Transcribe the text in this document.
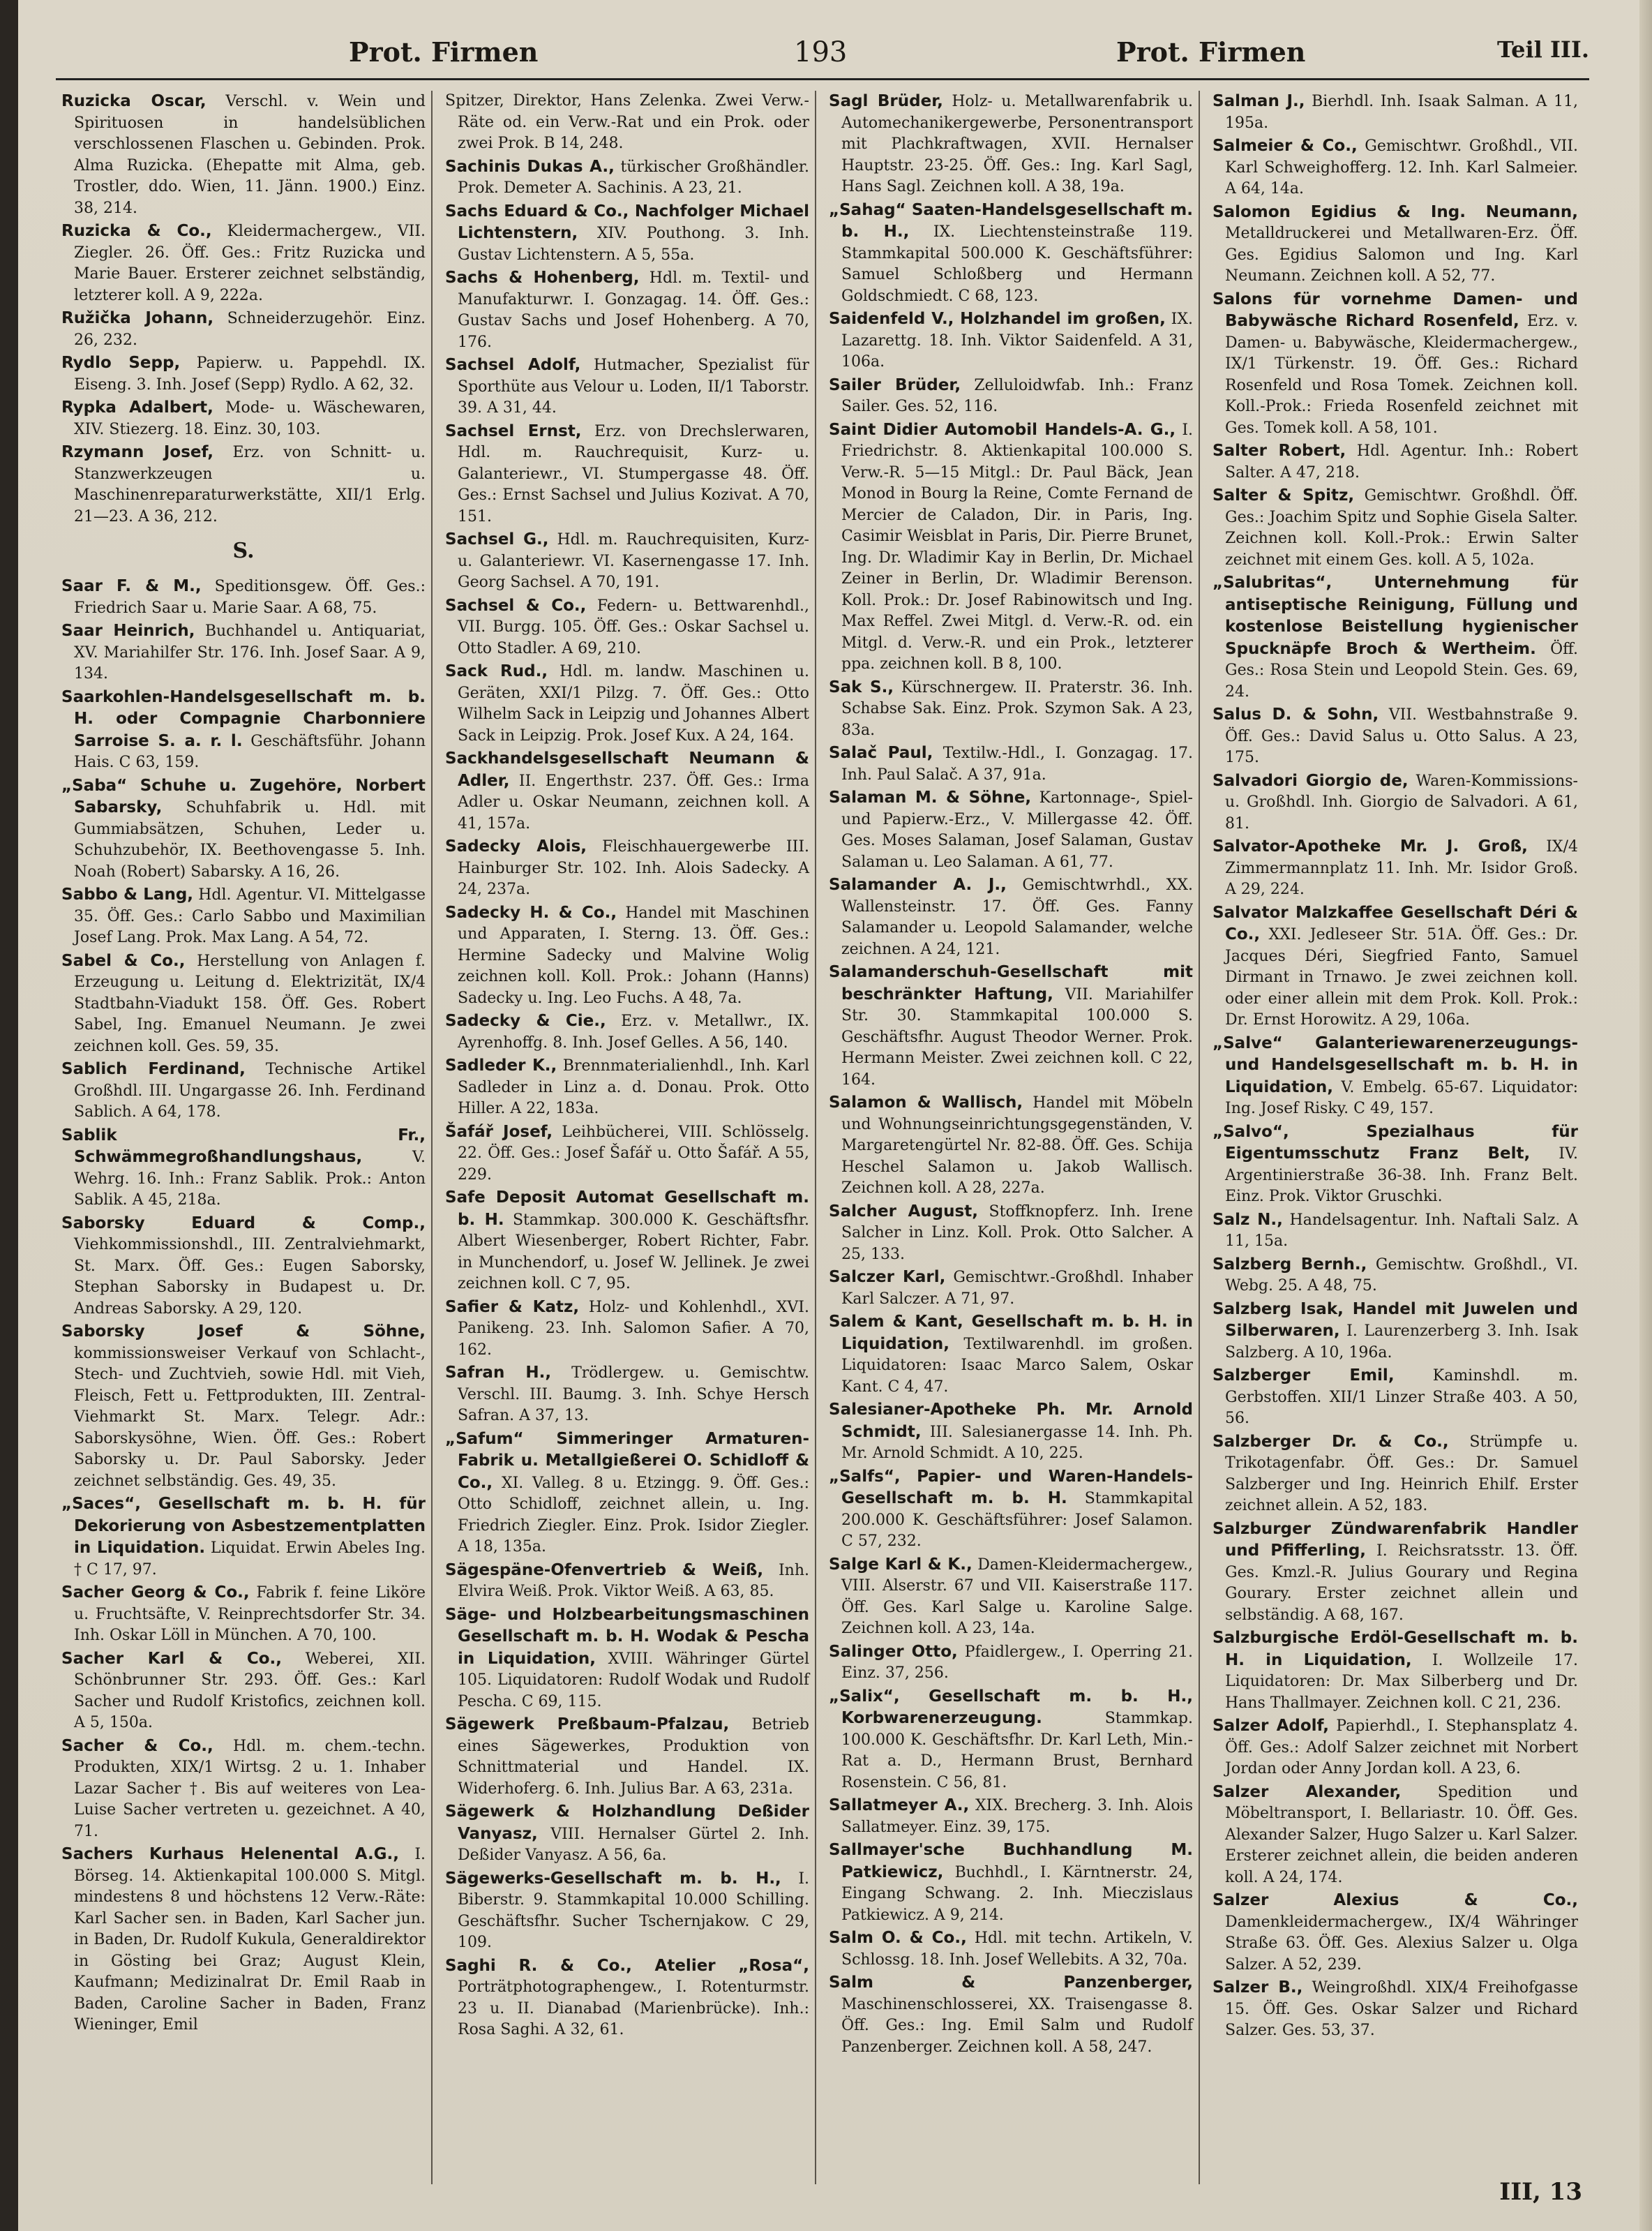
Prot. Firmen	193	Prot. Firmen	Teil III.

Ruzicka Oscar, Verschl. v. Wein und Spirituosen in handelsüblichen verschlossenen Flaschen u. Gebinden. Prok. Alma Ruzicka. (Ehepatte mit Alma, geb. Trostler, ddo. Wien, 11. Jänn. 1900.) Einz. 38, 214.

Ruzicka & Co., Kleidermachergew., VII. Ziegler. 26. Öff. Ges.: Fritz Ruzicka und Marie Bauer. Ersterer zeichnet selbständig, letzterer koll. A 9, 222a.

Ružička Johann, Schneiderzugehör. Einz. 26, 232.

Rydlo Sepp, Papierw. u. Pappehdl. IX. Eiseng. 3. Inh. Josef (Sepp) Rydlo. A 62, 32.

Rypka Adalbert, Mode- u. Wäschewaren, XIV. Stiezerg. 18. Einz. 30, 103.

Rzymann Josef, Erz. von Schnitt- u. Stanzwerkzeugen u. Maschinenreparaturwerkstätte, XII/1 Erlg. 21—23. A 36, 212.

S.

Saar F. & M., Speditionsgew. Öff. Ges.: Friedrich Saar u. Marie Saar. A 68, 75.

Saar Heinrich, Buchhandel u. Antiquariat, XV. Mariahilfer Str. 176. Inh. Josef Saar. A 9, 134.

Saarkohlen-Handelsgesellschaft m. b. H. oder Compagnie Charbonniere Sarroise S. a. r. l. Geschäftsführ. Johann Hais. C 63, 159.

„Saba“ Schuhe u. Zugehöre, Norbert Sabarsky, Schuhfabrik u. Hdl. mit Gummiabsätzen, Schuhen, Leder u. Schuhzubehör, IX. Beethovengasse 5. Inh. Noah (Robert) Sabarsky. A 16, 26.

Sabbo & Lang, Hdl. Agentur. VI. Mittelgasse 35. Öff. Ges.: Carlo Sabbo und Maximilian Josef Lang. Prok. Max Lang. A 54, 72.

Sabel & Co., Herstellung von Anlagen f. Erzeugung u. Leitung d. Elektrizität, IX/4 Stadtbahn-Viadukt 158. Öff. Ges. Robert Sabel, Ing. Emanuel Neumann. Je zwei zeichnen koll. Ges. 59, 35.

Sablich Ferdinand, Technische Artikel Großhdl. III. Ungargasse 26. Inh. Ferdinand Sablich. A 64, 178.

Sablik Fr., Schwämmegroßhandlungshaus,	V. Wehrg. 16. Inh.: Franz Sablik. Prok.: Anton Sablik. A 45, 218a.

Saborsky Eduard & Comp., Viehkommissionshdl., III. Zentralviehmarkt, St. Marx. Öff. Ges.: Eugen Saborsky, Stephan Saborsky in Budapest u. Dr. Andreas Saborsky. A 29, 120.

Saborsky Josef & Söhne, kommissionsweiser Verkauf von Schlacht-, Stech- und Zuchtvieh, sowie Hdl. mit Vieh, Fleisch, Fett u. Fettprodukten, III. Zentral-Viehmarkt St. Marx. Telegr. Adr.: Saborskysöhne, Wien. Öff. Ges.: Robert Saborsky u. Dr. Paul Saborsky. Jeder zeichnet selbständig. Ges. 49, 35.

„Saces“, Gesellschaft m. b. H. für Dekorierung von Asbestzementplatten in Liquidation. Liquidat. Erwin Abeles Ing. † C 17, 97.

Sacher Georg & Co., Fabrik f. feine Liköre u. Fruchtsäfte, V. Reinprechtsdorfer Str. 34. Inh. Oskar Löll in München. A 70, 100.

Sacher Karl & Co., Weberei, XII. Schönbrunner Str. 293. Öff. Ges.: Karl Sacher und Rudolf Kristofics, zeichnen koll. A 5, 150a.

Sacher & Co., Hdl. m. chem.-techn. Produkten, XIX/1 Wirtsg. 2 u. 1. Inhaber Lazar Sacher †. Bis auf weiteres von Lea-Luise Sacher vertreten u. gezeichnet. A 40, 71.

Sachers Kurhaus Helenental A.G., I. Börseg. 14. Aktienkapital 100.000 S. Mitgl. mindestens 8 und höchstens 12 Verw.-Räte: Karl Sacher sen. in Baden, Karl Sacher jun. in Baden, Dr. Rudolf Kukula, Generaldirektor in Gösting bei Graz; August Klein, Kaufmann; Medizinalrat Dr. Emil Raab in Baden, Caroline Sacher in Baden, Franz Wieninger, Emil

Spitzer, Direktor, Hans Zelenka. Zwei Verw.-Räte od. ein Verw.-Rat und ein Prok. oder zwei Prok. B 14, 248.

Sachinis Dukas A., türkischer Großhändler. Prok. Demeter A. Sachinis. A 23, 21.

Sachs Eduard & Co., Nachfolger Michael Lichtenstern, XIV. Pouthong. 3. Inh. Gustav Lichtenstern. A 5, 55a.

Sachs & Hohenberg, Hdl. m. Textil- und Manufakturwr. I. Gonzagag. 14. Öff. Ges.: Gustav Sachs und Josef Hohenberg. A 70, 176.

Sachsel Adolf, Hutmacher, Spezialist für Sporthüte aus Velour u. Loden, II/1 Taborstr. 39. A 31, 44.

Sachsel Ernst, Erz. von Drechslerwaren, Hdl. m. Rauchrequisit, Kurz- u. Galanteriewr., VI. Stumpergasse 48. Öff. Ges.: Ernst Sachsel und Julius Kozivat. A 70, 151.

Sachsel G., Hdl. m. Rauchrequisiten, Kurz- u. Galanteriewr. VI. Kasernengasse 17. Inh. Georg Sachsel. A 70, 191.

Sachsel & Co., Federn- u. Bettwarenhdl., VII. Burgg. 105. Öff. Ges.: Oskar Sachsel u. Otto Stadler. A 69, 210.

Sack Rud., Hdl. m. landw. Maschinen u. Geräten, XXI/1 Pilzg. 7. Öff. Ges.: Otto Wilhelm Sack in Leipzig und Johannes Albert Sack in Leipzig. Prok. Josef Kux. A 24, 164.

Sackhandelsgesellschaft Neumann & Adler, II. Engerthstr. 237. Öff. Ges.: Irma Adler u. Oskar Neumann, zeichnen koll. A 41, 157a.

Sadecky Alois, Fleischhauergewerbe III. Hainburger Str. 102. Inh. Alois Sadecky. A 24, 237a.

Sadecky H. & Co., Handel mit Maschinen und Apparaten, I. Sterng. 13. Öff. Ges.: Hermine Sadecky und Malvine Wolig zeichnen koll. Koll. Prok.: Johann (Hanns) Sadecky u. Ing. Leo Fuchs. A 48, 7a.

Sadecky & Cie., Erz. v. Metallwr., IX. Ayrenhoffg. 8. Inh. Josef Gelles. A 56, 140.

Sadleder K., Brennmaterialienhdl., Inh. Karl Sadleder in Linz a. d. Donau. Prok. Otto Hiller. A 22, 183a.

Šafář Josef, Leihbücherei, VIII. Schlösselg. 22. Öff. Ges.: Josef Šafář u. Otto Šafář. A 55, 229.

Safe Deposit Automat Gesellschaft m. b. H. Stammkap. 300.000 K. Geschäftsfhr. Albert Wiesenberger, Robert Richter, Fabr. in Munchendorf, u. Josef W. Jellinek. Je zwei zeichnen koll. C 7, 95.

Safier & Katz, Holz- und Kohlenhdl., XVI. Panikeng. 23. Inh. Salomon Safier. A 70, 162.

Safran H., Trödlergew. u. Gemischtw. Verschl. III. Baumg. 3. Inh. Schye Hersch Safran. A 37, 13.

„Safum“ Simmeringer Armaturen-Fabrik u. Metallgießerei O. Schidloff & Co., XI. Valleg. 8 u. Etzingg. 9. Öff. Ges.: Otto Schidloff, zeichnet allein, u. Ing. Friedrich Ziegler. Einz. Prok. Isidor Ziegler. A 18, 135a.

Sägespäne-Ofenvertrieb & Weiß, Inh. Elvira Weiß. Prok. Viktor Weiß. A 63, 85.

Säge- und Holzbearbeitungsmaschinen Gesellschaft m. b. H. Wodak & Pescha in Liquidation, XVIII. Währinger Gürtel 105. Liquidatoren: Rudolf Wodak und Rudolf Pescha. C 69, 115.

Sägewerk Preßbaum-Pfalzau, Betrieb eines Sägewerkes, Produktion von Schnittmaterial und Handel. IX. Widerhoferg. 6. Inh. Julius Bar. A 63, 231a.

Sägewerk & Holzhandlung Deßider Vanyasz, VIII. Hernalser Gürtel 2. Inh. Deßider Vanyasz. A 56, 6a.

Sägewerks-Gesellschaft m. b. H., I. Biberstr. 9. Stammkapital 10.000 Schilling. Geschäftsfhr. Sucher Tschernjakow. C 29, 109.

Saghi R. & Co., Atelier „Rosa“, Porträtphotographengew., I. Rotenturmstr. 23 u. II. Dianabad (Marienbrücke). Inh.: Rosa Saghi. A 32, 61.

Sagl Brüder, Holz- u. Metallwarenfabrik u. Automechanikergewerbe, Personentransport mit Plachkraftwagen, XVII. Hernalser Hauptstr. 23-25. Öff. Ges.: Ing. Karl Sagl, Hans Sagl. Zeichnen koll. A 38, 19a.

„Sahag“ Saaten-Handelsgesellschaft m. b. H., IX. Liechtensteinstraße 119. Stammkapital 500.000 K. Geschäftsführer: Samuel Schloßberg und Hermann Goldschmiedt. C 68, 123.

Saidenfeld V., Holzhandel im großen, IX. Lazarettg. 18. Inh. Viktor Saidenfeld. A 31, 106a.

Sailer Brüder, Zelluloidwfab. Inh.: Franz Sailer. Ges. 52, 116.

Saint Didier Automobil Handels-A. G., I. Friedrichstr. 8. Aktienkapital 100.000 S. Verw.-R. 5—15 Mitgl.: Dr. Paul Bäck, Jean Monod in Bourg la Reine, Comte Fernand de Mercier de Caladon, Dir. in Paris, Ing. Casimir Weisblat in Paris, Dir. Pierre Brunet, Ing. Dr. Wladimir Kay in Berlin, Dr. Michael Zeiner in Berlin, Dr. Wladimir Berenson. Koll. Prok.: Dr. Josef Rabinowitsch und Ing. Max Reffel. Zwei Mitgl. d. Verw.-R. od. ein Mitgl. d. Verw.-R. und ein Prok., letzterer ppa. zeichnen koll. B 8, 100.

Sak S., Kürschnergew. II. Praterstr. 36. Inh. Schabse Sak. Einz. Prok. Szymon Sak. A 23, 83a.

Salač Paul, Textilw.-Hdl., I. Gonzagag. 17. Inh. Paul Salač. A 37, 91a.

Salaman M. & Söhne, Kartonnage-, Spiel- und Papierw.-Erz., V. Millergasse 42. Öff. Ges. Moses Salaman, Josef Salaman, Gustav Salaman u. Leo Salaman. A 61, 77.

Salamander A. J., Gemischtwrhdl., XX. Wallensteinstr. 17. Öff. Ges. Fanny Salamander u. Leopold Salamander, welche zeichnen. A 24, 121.

Salamanderschuh-Gesellschaft mit beschränkter Haftung, VII. Mariahilfer Str. 30. Stammkapital 100.000 S. Geschäftsfhr. August Theodor Werner. Prok. Hermann Meister. Zwei zeichnen koll. C 22, 164.

Salamon & Wallisch, Handel mit Möbeln und Wohnungseinrichtungsgegenständen, V. Margaretengürtel Nr. 82-88. Öff. Ges. Schija Heschel Salamon u. Jakob Wallisch. Zeichnen koll. A 28, 227a.

Salcher August, Stoffknopferz. Inh. Irene Salcher in Linz. Koll. Prok. Otto Salcher. A 25, 133.

Salczer Karl, Gemischtwr.-Großhdl. Inhaber Karl Salczer. A 71, 97.

Salem & Kant, Gesellschaft m. b. H. in Liquidation, Textilwarenhdl. im großen. Liquidatoren: Isaac Marco Salem, Oskar Kant. C 4, 47.

Salesianer-Apotheke Ph. Mr. Arnold Schmidt, III. Salesianergasse 14. Inh. Ph. Mr. Arnold Schmidt. A 10, 225.

„Salfs“, Papier- und Waren-Handels-Gesellschaft m. b. H. Stammkapital 200.000 K. Geschäftsführer: Josef Salamon. C 57, 232.

Salge Karl & K., Damen-Kleidermachergew., VIII. Alserstr. 67 und VII. Kaiserstraße 117. Öff. Ges. Karl Salge u. Karoline Salge. Zeichnen koll. A 23, 14a.

Salinger Otto, Pfaidlergew., I. Operring 21. Einz. 37, 256.

„Salix“, Gesellschaft m. b. H., Korbwarenerzeugung.	Stammkap. 100.000 K. Geschäftsfhr. Dr. Karl Leth, Min.-Rat a. D., Hermann Brust, Bernhard Rosenstein. C 56, 81.

Sallatmeyer A., XIX. Brecherg. 3. Inh. Alois Sallatmeyer. Einz. 39, 175.

Sallmayer'sche Buchhandlung M. Patkiewicz, Buchhdl., I. Kärntnerstr. 24, Eingang Schwang. 2. Inh. Mieczislaus Patkiewicz. A 9, 214.

Salm O. & Co., Hdl. mit techn. Artikeln, V. Schlossg. 18. Inh. Josef Wellebits. A 32, 70a.

Salm & Panzenberger, Maschinenschlosserei, XX. Traisengasse 8. Öff. Ges.: Ing. Emil Salm und Rudolf Panzenberger. Zeichnen koll. A 58, 247.

Salman J., Bierhdl. Inh. Isaak Salman. A 11, 195a.

Salmeier & Co., Gemischtwr. Großhdl., VII. Karl Schweighofferg. 12. Inh. Karl Salmeier. A 64, 14a.

Salomon Egidius & Ing. Neumann, Metalldruckerei und Metallwaren-Erz. Öff. Ges. Egidius Salomon und Ing. Karl Neumann. Zeichnen koll. A 52, 77.

Salons für vornehme Damen- und Babywäsche Richard Rosenfeld, Erz. v. Damen- u. Babywäsche, Kleidermachergew., IX/1 Türkenstr. 19. Öff. Ges.: Richard Rosenfeld und Rosa Tomek. Zeichnen koll. Koll.-Prok.: Frieda Rosenfeld zeichnet mit Ges. Tomek koll. A 58, 101.

Salter Robert, Hdl. Agentur. Inh.: Robert Salter. A 47, 218.

Salter & Spitz, Gemischtwr. Großhdl. Öff. Ges.: Joachim Spitz und Sophie Gisela Salter. Zeichnen koll. Koll.-Prok.: Erwin Salter zeichnet mit einem Ges. koll. A 5, 102a.

„Salubritas“, Unternehmung für antiseptische Reinigung, Füllung und kostenlose Beistellung hygienischer Spucknäpfe Broch & Wertheim. Öff. Ges.: Rosa Stein und Leopold Stein. Ges. 69, 24.

Salus D. & Sohn, VII. Westbahnstraße 9. Öff. Ges.: David Salus u. Otto Salus. A 23, 175.

Salvadori Giorgio de, Waren-Kommissions- u. Großhdl. Inh. Giorgio de Salvadori. A 61, 81.

Salvator-Apotheke Mr. J. Groß, IX/4 Zimmermannplatz 11. Inh. Mr. Isidor Groß. A 29, 224.

Salvator Malzkaffee Gesellschaft Déri & Co., XXI. Jedleseer Str. 51A. Öff. Ges.: Dr. Jacques Déri, Siegfried Fanto, Samuel Dirmant in Trnawo. Je zwei zeichnen koll. oder einer allein mit dem Prok. Koll. Prok.: Dr. Ernst Horowitz. A 29, 106a.

„Salve“ Galanteriewarenerzeugungs- und Handelsgesellschaft m. b. H. in Liquidation, V. Embelg. 65-67. Liquidator: Ing. Josef Risky. C 49, 157.

„Salvo“, Spezialhaus für Eigentumsschutz Franz Belt, IV. Argentinierstraße 36-38. Inh. Franz Belt. Einz. Prok. Viktor Gruschki.

Salz N., Handelsagentur. Inh. Naftali Salz. A 11, 15a.

Salzberg Bernh., Gemischtw. Großhdl., VI. Webg. 25. A 48, 75.

Salzberg Isak, Handel mit Juwelen und Silberwaren, I. Laurenzerberg 3. Inh. Isak Salzberg. A 10, 196a.

Salzberger Emil,	Kaminshdl. m. Gerbstoffen. XII/1 Linzer Straße 403. A 50, 56.

Salzberger Dr. & Co., Strümpfe u. Trikotagenfabr. Öff. Ges.: Dr. Samuel Salzberger und Ing. Heinrich Ehilf. Erster zeichnet allein. A 52, 183.

Salzburger Zündwarenfabrik Handler und Pfifferling, I. Reichsratsstr. 13. Öff. Ges. Kmzl.-R. Julius Gourary und Regina Gourary. Erster zeichnet allein und selbständig. A 68, 167.

Salzburgische Erdöl-Gesellschaft m. b. H. in Liquidation, I. Wollzeile 17. Liquidatoren: Dr. Max Silberberg und Dr. Hans Thallmayer. Zeichnen koll. C 21, 236.

Salzer Adolf, Papierhdl., I. Stephansplatz 4. Öff. Ges.: Adolf Salzer zeichnet mit Norbert Jordan oder Anny Jordan koll. A 23, 6.

Salzer Alexander, Spedition und Möbeltransport, I. Bellariastr. 10. Öff. Ges. Alexander Salzer, Hugo Salzer u. Karl Salzer. Ersterer zeichnet allein, die beiden anderen koll. A 24, 174.

Salzer Alexius & Co., Damenkleidermachergew., IX/4 Währinger Straße 63. Öff. Ges. Alexius Salzer u. Olga Salzer. A 52, 239.

Salzer B., Weingroßhdl. XIX/4 Freihofgasse 15. Öff. Ges. Oskar Salzer und Richard Salzer. Ges. 53, 37.

III, 13
